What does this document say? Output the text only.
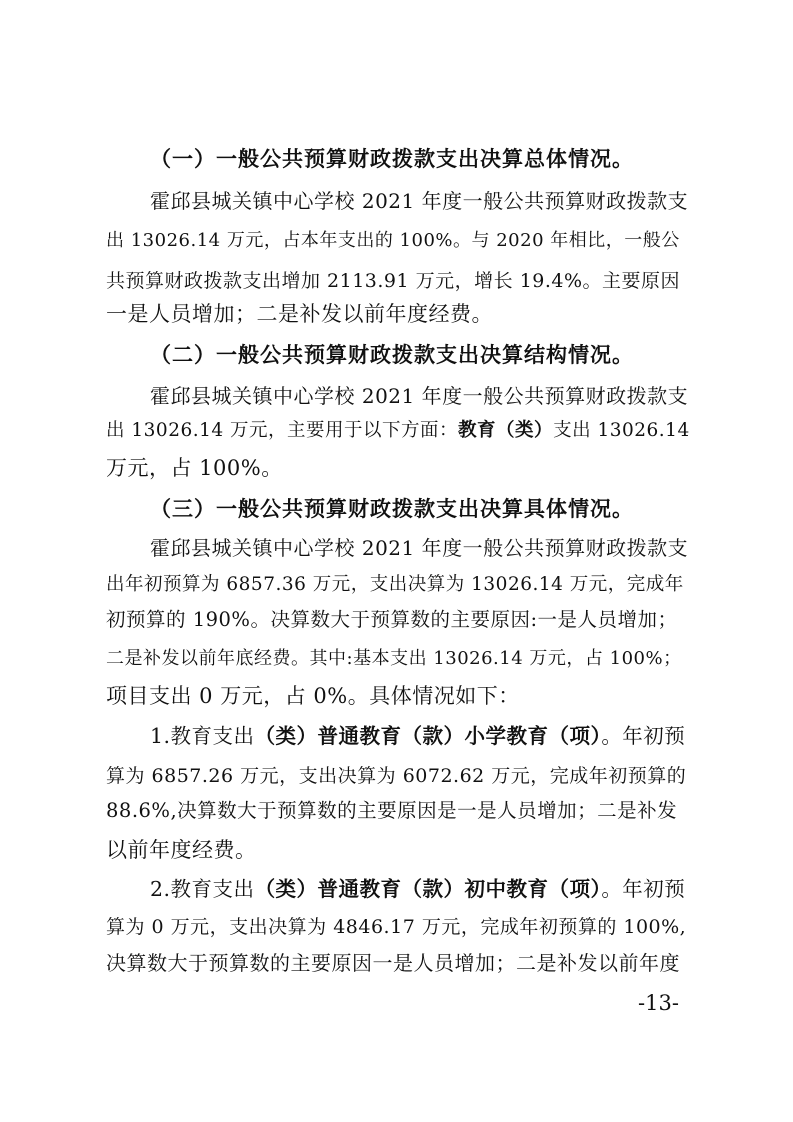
（一）一般公共预算财政拨款支出决算总体情况。
霍邱县城关镇中心学校 2021 年度一般公共预算财政拨款支
出 13026.14 万元，占本年支出的 100%。与 2020 年相比，一般公
共预算财政拨款支出增加 2113.91 万元，增长 19.4%。主要原因
一是人员增加；二是补发以前年度经费。
（二）一般公共预算财政拨款支出决算结构情况。
霍邱县城关镇中心学校 2021 年度一般公共预算财政拨款支
出 13026.14 万元，主要用于以下方面：教育（类）支出 13026.14
万元，占 100%。
（三）一般公共预算财政拨款支出决算具体情况。
霍邱县城关镇中心学校 2021 年度一般公共预算财政拨款支
出年初预算为 6857.36 万元，支出决算为 13026.14 万元，完成年
初预算的 190%。决算数大于预算数的主要原因:一是人员增加；
二是补发以前年底经费。其中:基本支出 13026.14 万元，占 100%；
项目支出 0 万元，占 0%。具体情况如下：
1.教育支出（类）普通教育（款）小学教育（项）。年初预
算为 6857.26 万元，支出决算为 6072.62 万元，完成年初预算的
88.6%,决算数大于预算数的主要原因是一是人员增加；二是补发
以前年度经费。
2.教育支出（类）普通教育（款）初中教育（项）。年初预
算为 0 万元，支出决算为 4846.17 万元，完成年初预算的 100%,
决算数大于预算数的主要原因一是人员增加；二是补发以前年度
-13-
